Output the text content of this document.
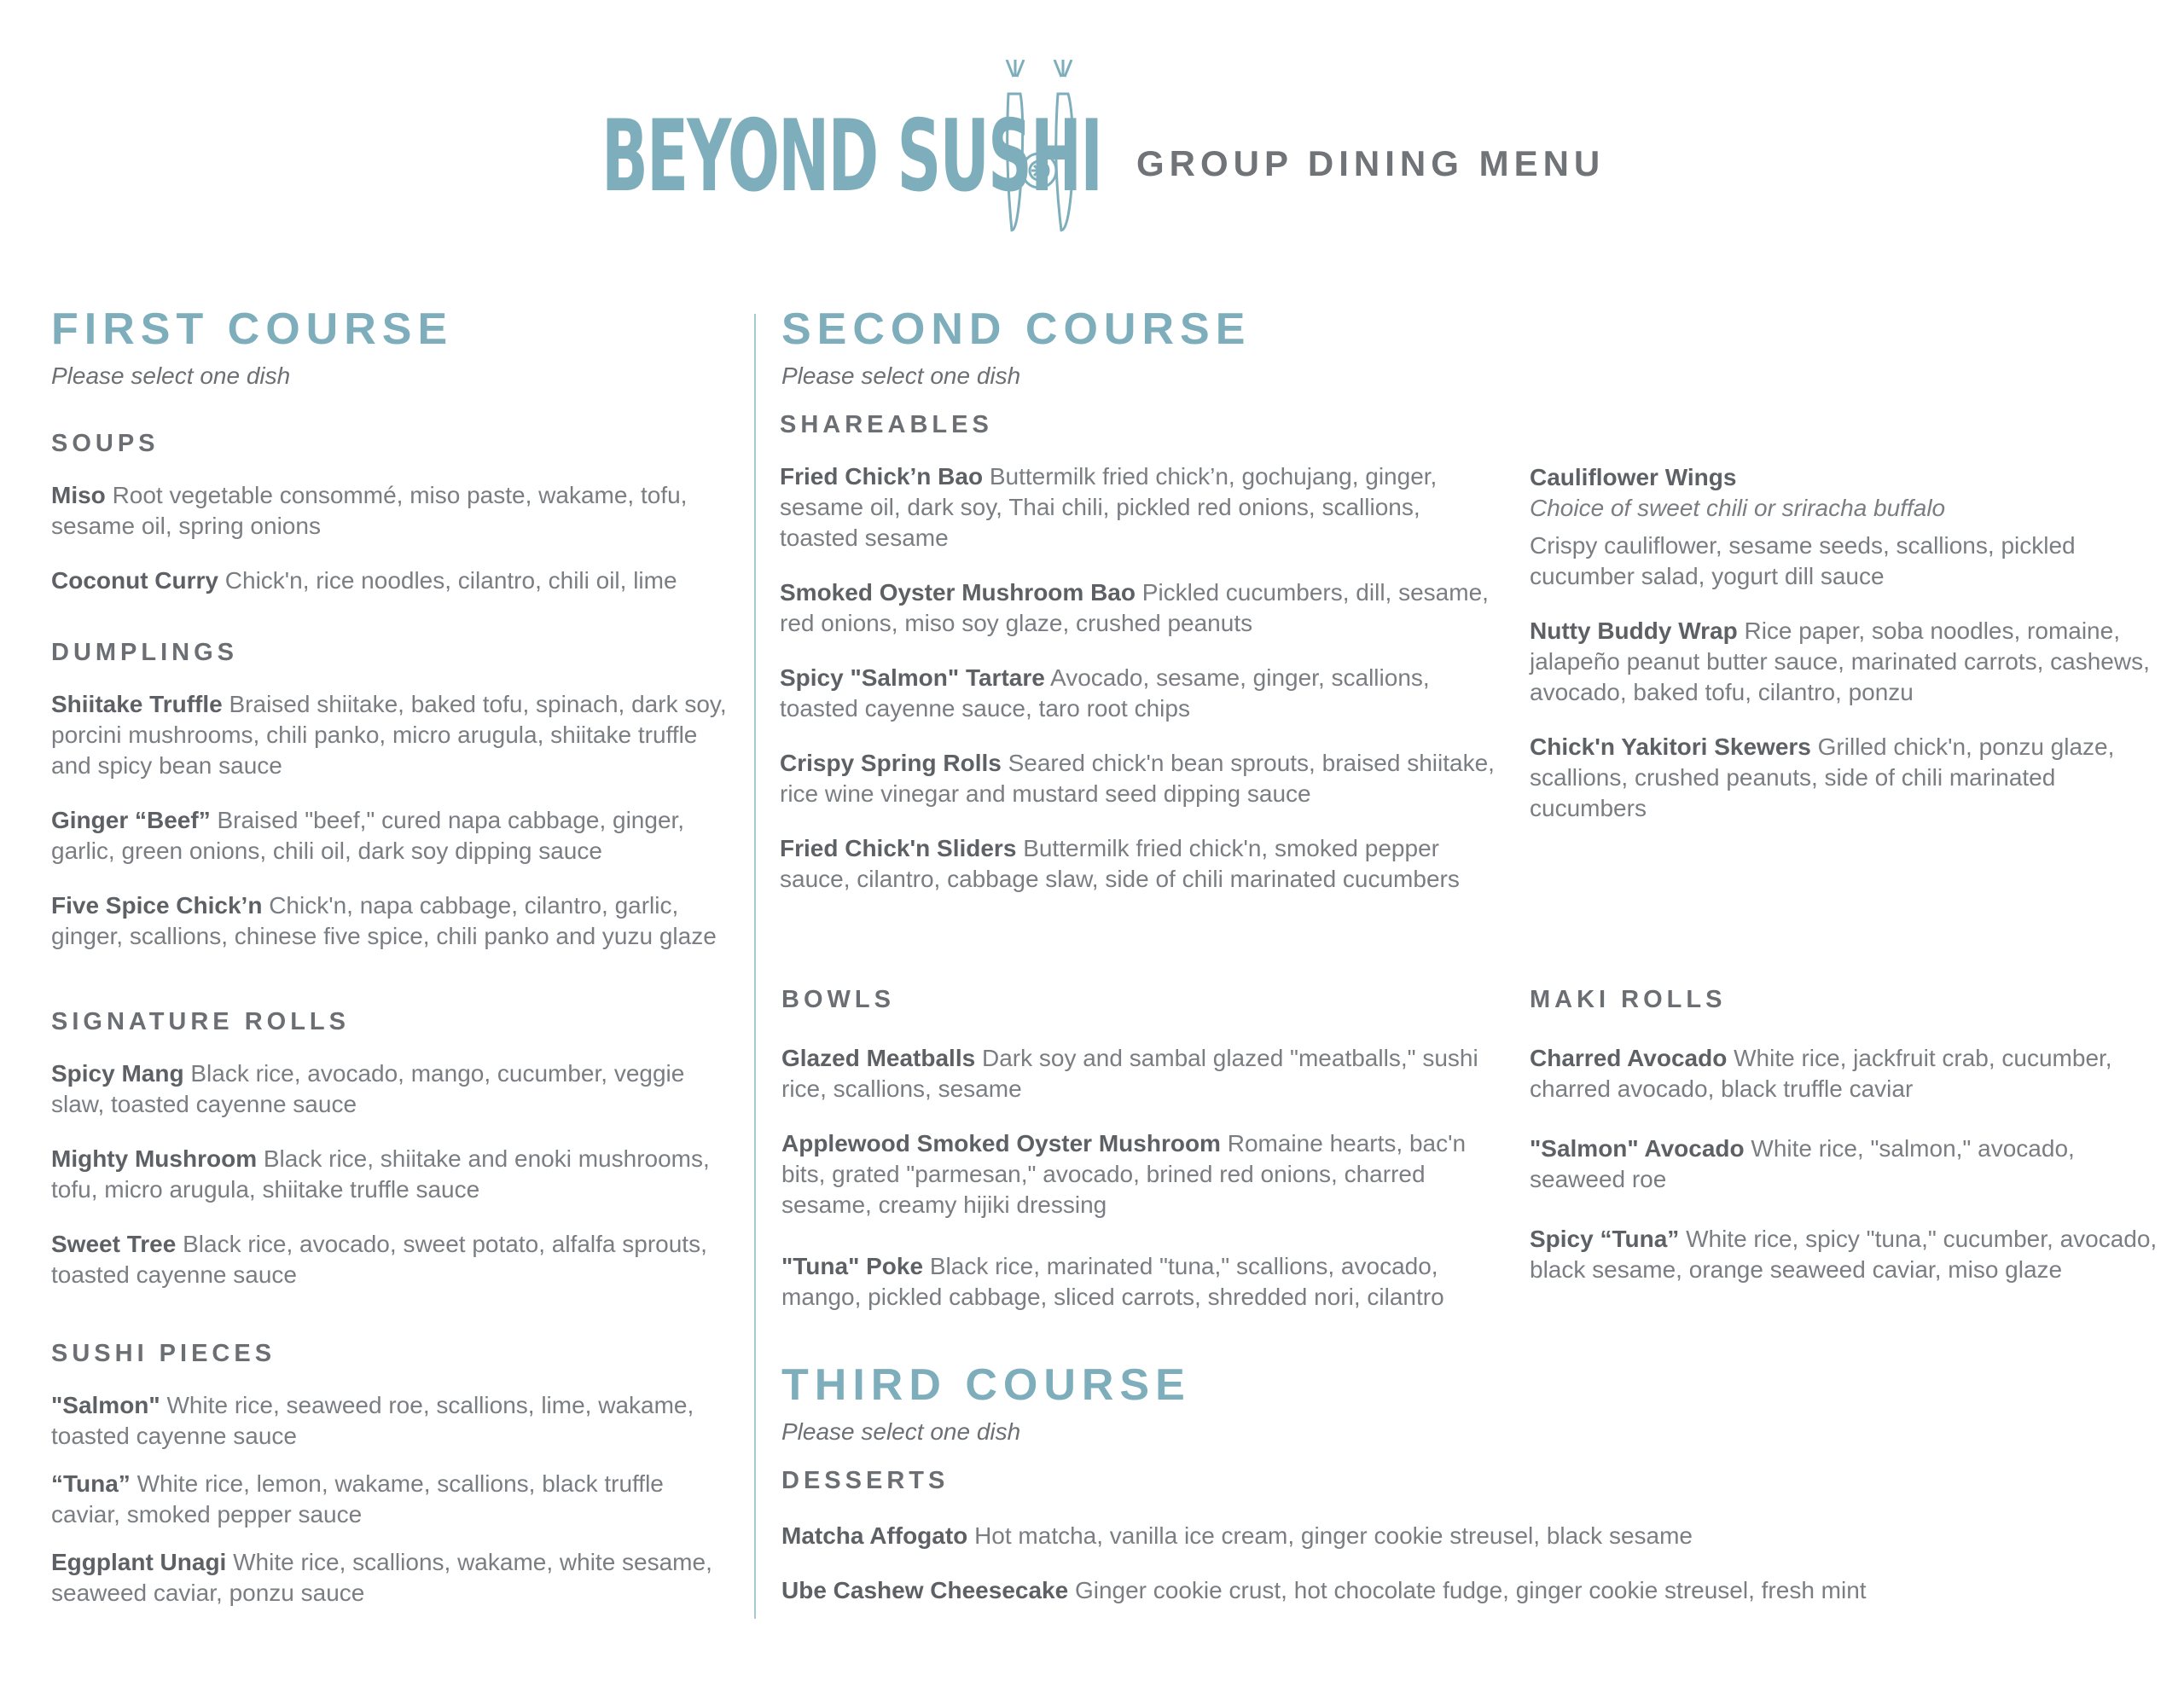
BEYOND SUSHI GROUP DINING MENU
FIRST COURSE
Please select one dish
SOUPS
Miso Root vegetable consommé, miso paste, wakame, tofu, sesame oil, spring onions
Coconut Curry Chick'n, rice noodles, cilantro, chili oil, lime
DUMPLINGS
Shiitake Truffle Braised shiitake, baked tofu, spinach, dark soy, porcini mushrooms, chili panko, micro arugula, shiitake truffle and spicy bean sauce
Ginger “Beef” Braised "beef," cured napa cabbage, ginger, garlic, green onions, chili oil, dark soy dipping sauce
Five Spice Chick’n Chick'n, napa cabbage, cilantro, garlic, ginger, scallions, chinese five spice, chili panko and yuzu glaze
SIGNATURE ROLLS
Spicy Mang Black rice, avocado, mango, cucumber, veggie slaw, toasted cayenne sauce
Mighty Mushroom Black rice, shiitake and enoki mushrooms, tofu, micro arugula, shiitake truffle sauce
Sweet Tree Black rice, avocado, sweet potato, alfalfa sprouts, toasted cayenne sauce
SUSHI PIECES
"Salmon" White rice, seaweed roe, scallions, lime, wakame, toasted cayenne sauce
“Tuna” White rice, lemon, wakame, scallions, black truffle caviar, smoked pepper sauce
Eggplant Unagi White rice, scallions, wakame, white sesame, seaweed caviar, ponzu sauce
SECOND COURSE
Please select one dish
SHAREABLES
Fried Chick’n Bao Buttermilk fried chick’n, gochujang, ginger, sesame oil, dark soy, Thai chili, pickled red onions, scallions, toasted sesame
Smoked Oyster Mushroom Bao Pickled cucumbers, dill, sesame, red onions, miso soy glaze, crushed peanuts
Spicy "Salmon" Tartare Avocado, sesame, ginger, scallions, toasted cayenne sauce, taro root chips
Crispy Spring Rolls Seared chick'n bean sprouts, braised shiitake, rice wine vinegar and mustard seed dipping sauce
Fried Chick'n Sliders Buttermilk fried chick'n, smoked pepper sauce, cilantro, cabbage slaw, side of chili marinated cucumbers
Cauliflower Wings
Choice of sweet chili or sriracha buffalo
Crispy cauliflower, sesame seeds, scallions, pickled cucumber salad, yogurt dill sauce
Nutty Buddy Wrap Rice paper, soba noodles, romaine, jalapeño peanut butter sauce, marinated carrots, cashews, avocado, baked tofu, cilantro, ponzu
Chick'n Yakitori Skewers Grilled chick'n, ponzu glaze, scallions, crushed peanuts, side of chili marinated cucumbers
BOWLS
Glazed Meatballs Dark soy and sambal glazed "meatballs," sushi rice, scallions, sesame
Applewood Smoked Oyster Mushroom Romaine hearts, bac'n bits, grated "parmesan," avocado, brined red onions, charred sesame, creamy hijiki dressing
"Tuna" Poke Black rice, marinated "tuna," scallions, avocado, mango, pickled cabbage, sliced carrots, shredded nori, cilantro
MAKI ROLLS
Charred Avocado White rice, jackfruit crab, cucumber, charred avocado, black truffle caviar
"Salmon" Avocado White rice, "salmon," avocado, seaweed roe
Spicy “Tuna” White rice, spicy "tuna," cucumber, avocado, black sesame, orange seaweed caviar, miso glaze
THIRD COURSE
Please select one dish
DESSERTS
Matcha Affogato Hot matcha, vanilla ice cream, ginger cookie streusel, black sesame
Ube Cashew Cheesecake Ginger cookie crust, hot chocolate fudge, ginger cookie streusel, fresh mint
